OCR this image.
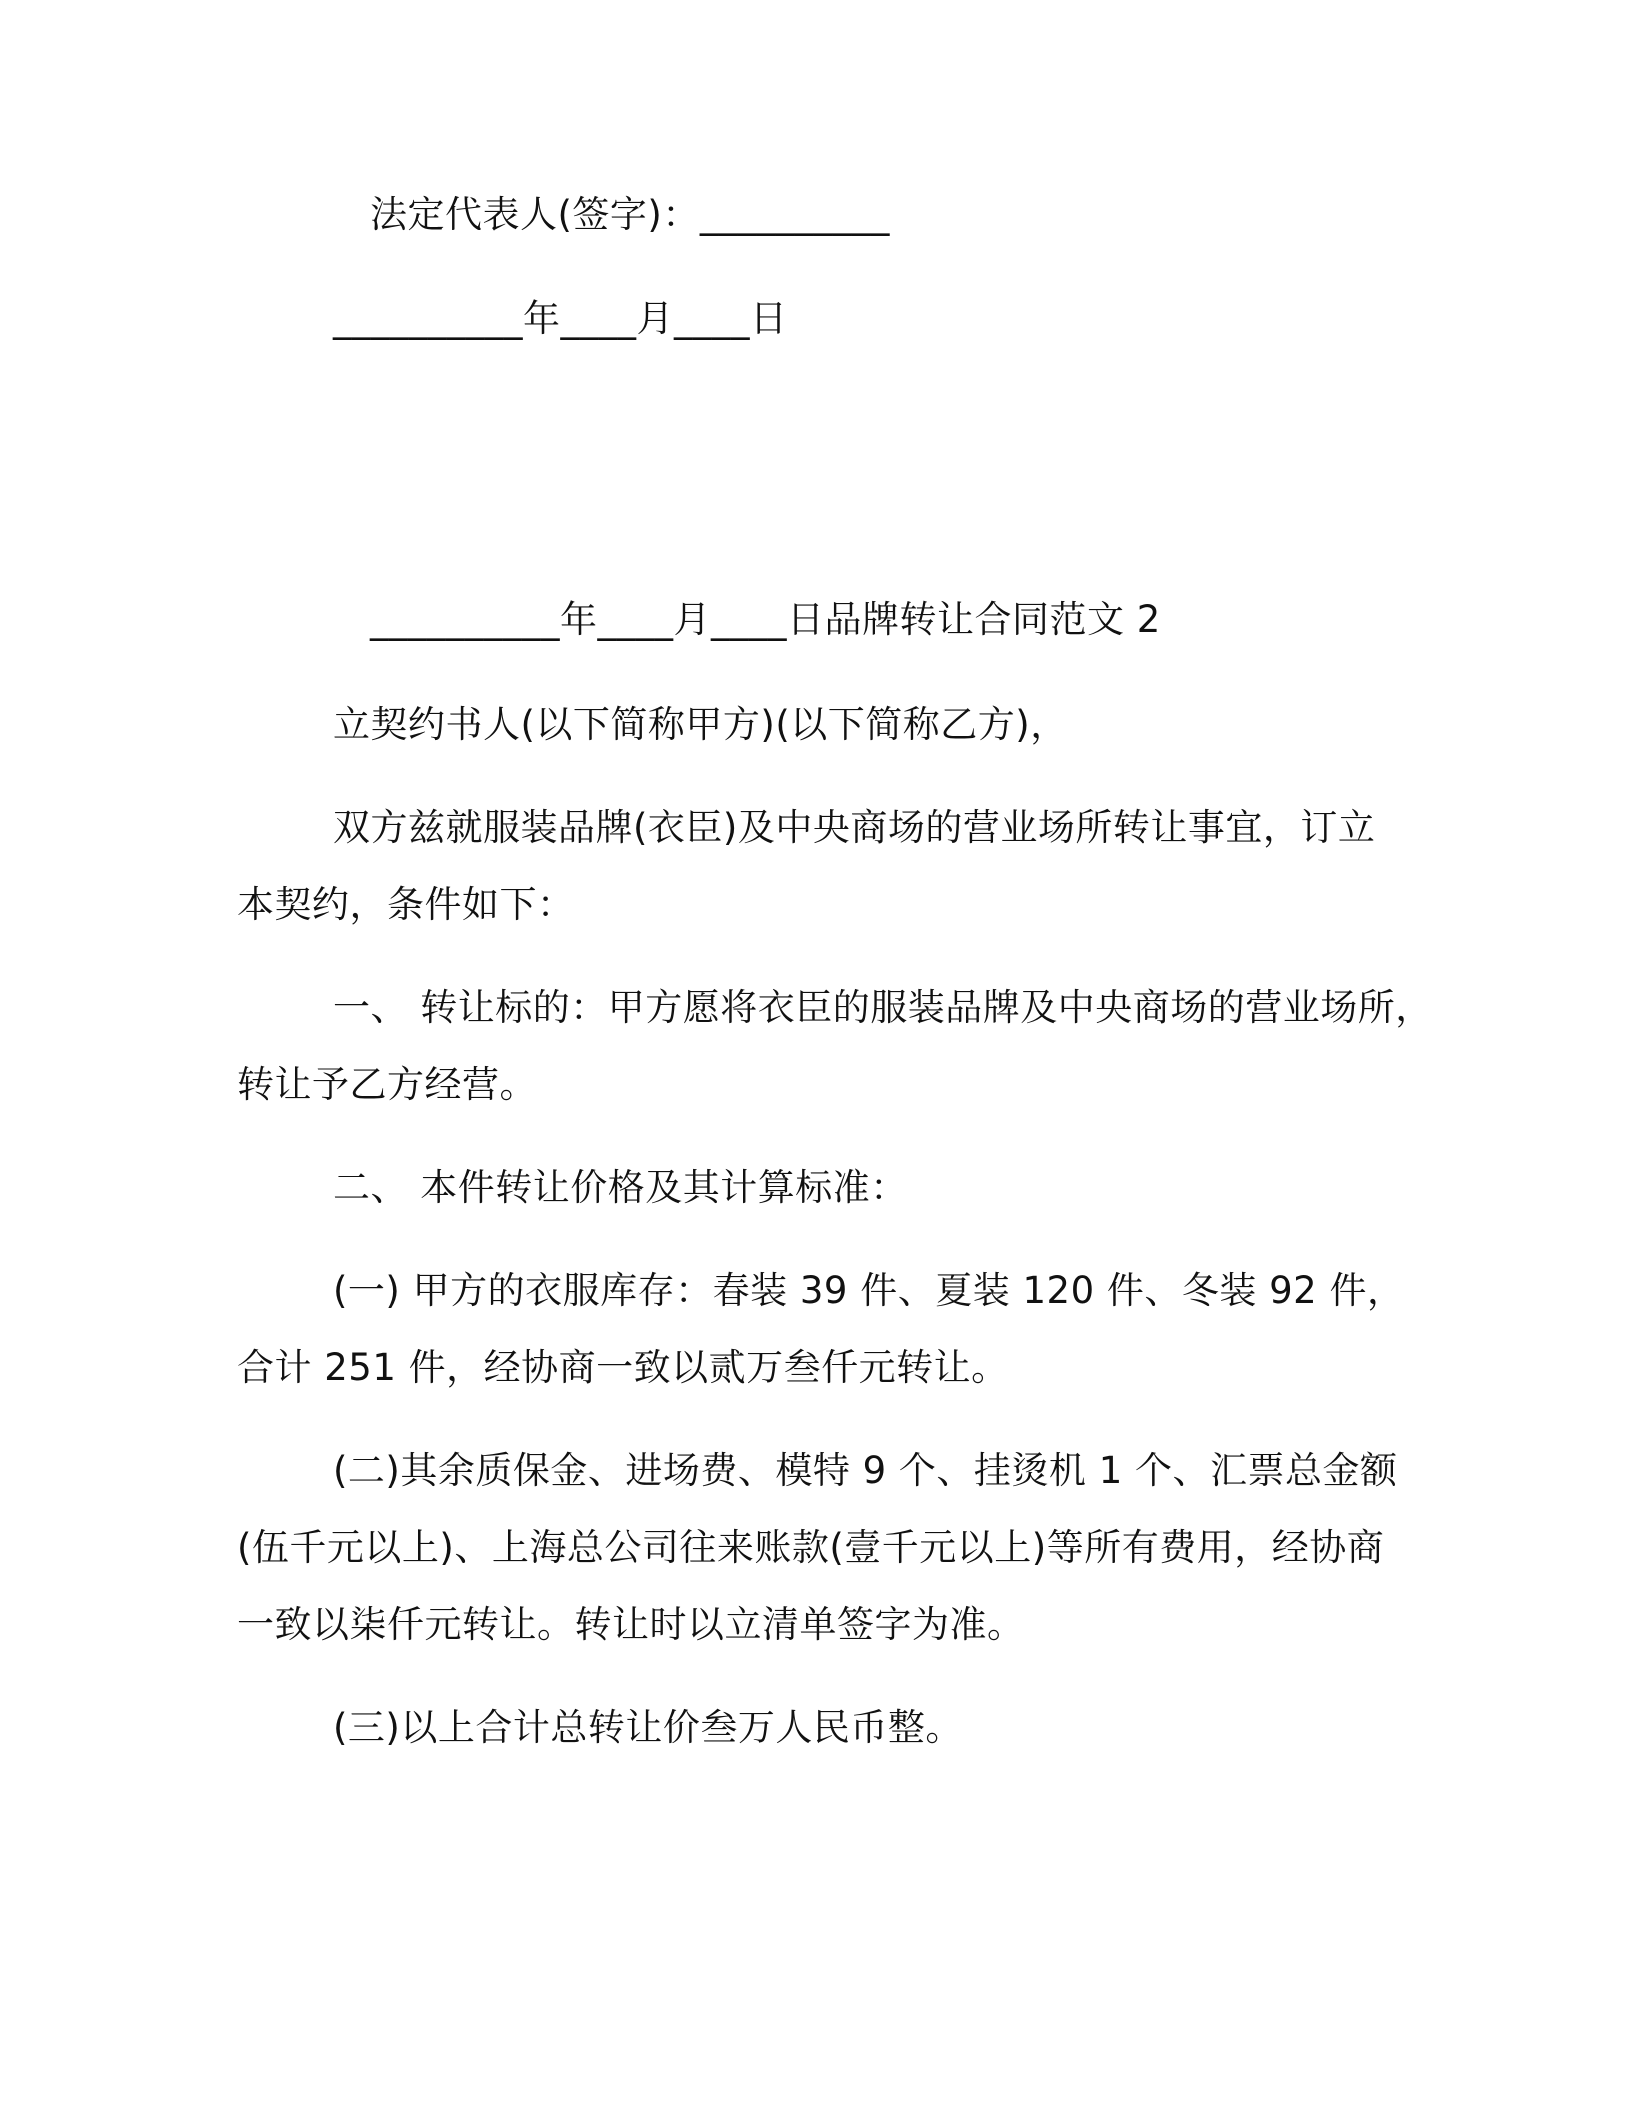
法定代表人(签字)：__________
__________年____月____日
__________年____月____日品牌转让合同范文 2
立契约书人(以下简称甲方)(以下简称乙方)，
双方兹就服装品牌(衣臣)及中央商场的营业场所转让事宜，订立
本契约，条件如下：
一、 转让标的：甲方愿将衣臣的服装品牌及中央商场的营业场所，
转让予乙方经营。
二、 本件转让价格及其计算标准：
(一) 甲方的衣服库存：春装 39 件、夏装 120 件、冬装 92 件，
合计 251 件，经协商一致以贰万叁仟元转让。
(二)其余质保金、进场费、模特 9 个、挂烫机 1 个、汇票总金额
(伍千元以上)、上海总公司往来账款(壹千元以上)等所有费用，经协商
一致以柒仟元转让。转让时以立清单签字为准。
(三)以上合计总转让价叁万人民币整。
